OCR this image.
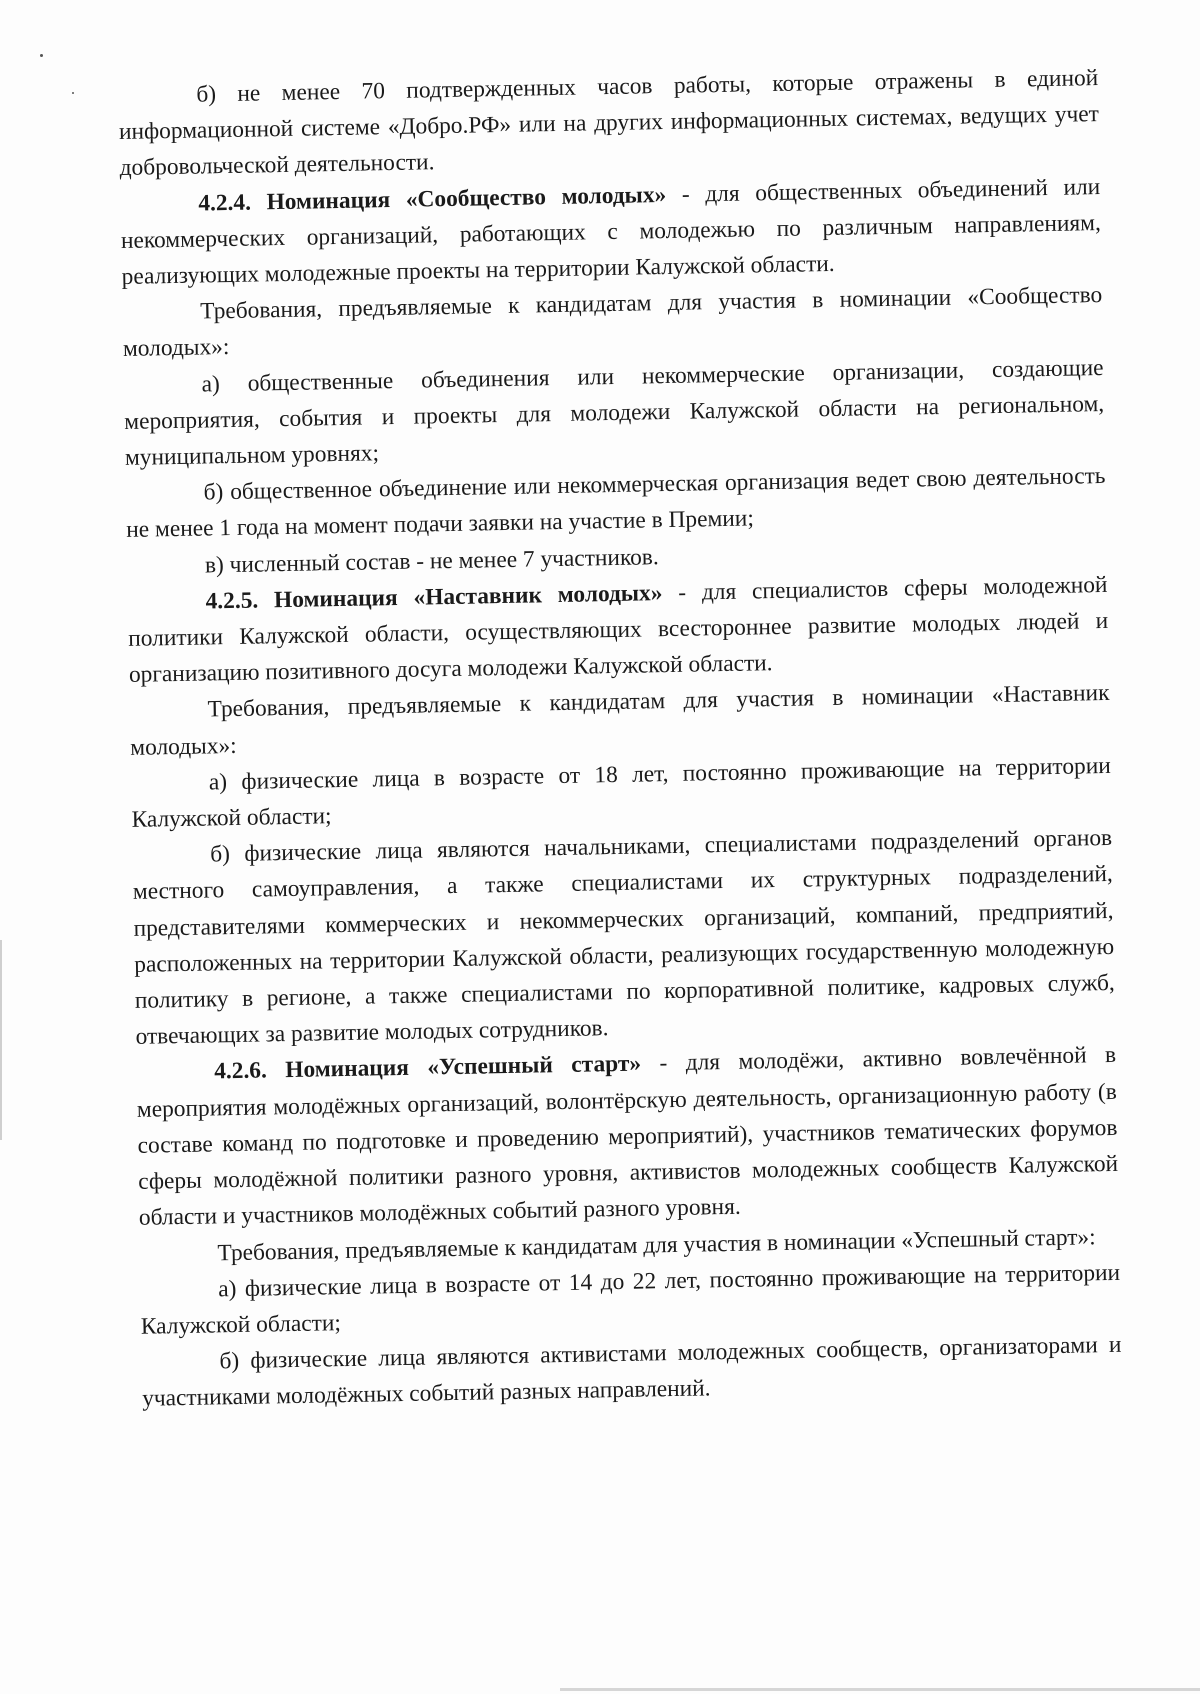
б) не менее 70 подтвержденных часов работы, которые отражены в единой информационной системе «Добро.РФ» или на других информационных системах, ведущих учет добровольческой деятельности.

4.2.4. Номинация «Сообщество молодых» - для общественных объединений или некоммерческих организаций, работающих с молодежью по различным направлениям, реализующих молодежные проекты на территории Калужской области.

Требования, предъявляемые к кандидатам для участия в номинации «Сообщество молодых»:

а) общественные объединения или некоммерческие организации, создающие мероприятия, события и проекты для молодежи Калужской области на региональном, муниципальном уровнях;

б) общественное объединение или некоммерческая организация ведет свою деятельность не менее 1 года на момент подачи заявки на участие в Премии;

в) численный состав - не менее 7 участников.

4.2.5. Номинация «Наставник молодых» - для специалистов сферы молодежной политики Калужской области, осуществляющих всестороннее развитие молодых людей и организацию позитивного досуга молодежи Калужской области.

Требования, предъявляемые к кандидатам для участия в номинации «Наставник молодых»:

а) физические лица в возрасте от 18 лет, постоянно проживающие на территории Калужской области;

б) физические лица являются начальниками, специалистами подразделений органов местного самоуправления, а также специалистами их структурных подразделений, представителями коммерческих и некоммерческих организаций, компаний, предприятий, расположенных на территории Калужской области, реализующих государственную молодежную политику в регионе, а также специалистами по корпоративной политике, кадровых служб, отвечающих за развитие молодых сотрудников.

4.2.6. Номинация «Успешный старт» - для молодёжи, активно вовлечённой в мероприятия молодёжных организаций, волонтёрскую деятельность, организационную работу (в составе команд по подготовке и проведению мероприятий), участников тематических форумов сферы молодёжной политики разного уровня, активистов молодежных сообществ Калужской области и участников молодёжных событий разного уровня.

Требования, предъявляемые к кандидатам для участия в номинации «Успешный старт»:

а) физические лица в возрасте от 14 до 22 лет, постоянно проживающие на территории Калужской области;

б) физические лица являются активистами молодежных сообществ, организаторами и участниками молодёжных событий разных направлений.
